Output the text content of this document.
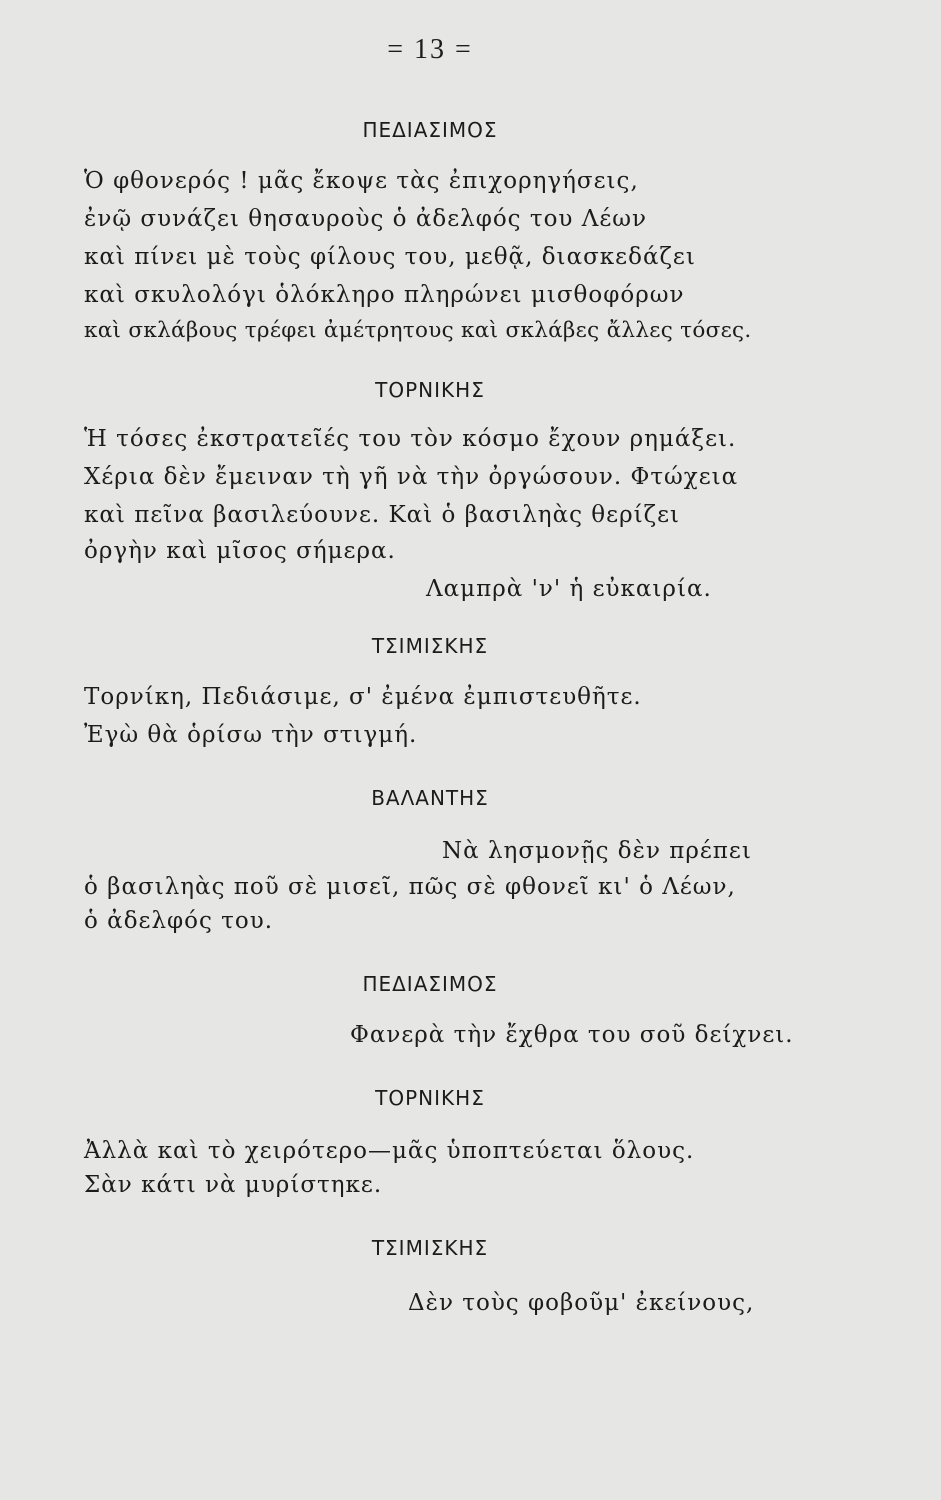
= 13 =
ΠΕΔΙΑΣΙΜΟΣ
Ὁ φθονερός ! μᾶς ἔκοψε τὰς ἐπιχορηγήσεις,
ἐνῷ συνάζει θησαυροὺς ὁ ἀδελφός του Λέων
καὶ πίνει μὲ τοὺς φίλους του, μεθᾷ, διασκεδάζει
καὶ σκυλολόγι ὁλόκληρο πληρώνει μισθοφόρων
καὶ σκλάβους τρέφει ἀμέτρητους καὶ σκλάβες ἄλλες τόσες.
ΤΟΡΝΙΚΗΣ
Ἡ τόσες ἐκστρατεῖές του τὸν κόσμο ἔχουν ρημάξει.
Χέρια δὲν ἔμειναν τὴ γῆ νὰ τὴν ὀργώσουν. Φτώχεια
καὶ πεῖνα βασιλεύουνε. Καὶ ὁ βασιληὰς θερίζει
ὀργὴν καὶ μῖσος σήμερα.
Λαμπρὰ 'ν' ἡ εὐκαιρία.
ΤΣΙΜΙΣΚΗΣ
Τορνίκη, Πεδιάσιμε, σ' ἐμένα ἐμπιστευθῆτε.
Ἐγὼ θὰ ὁρίσω τὴν στιγμή.
ΒΑΛΑΝΤΗΣ
Νὰ λησμονῇς δὲν πρέπει
ὁ βασιληὰς ποῦ σὲ μισεῖ, πῶς σὲ φθονεῖ κι' ὁ Λέων,
ὁ ἀδελφός του.
ΠΕΔΙΑΣΙΜΟΣ
Φανερὰ τὴν ἔχθρα του σοῦ δείχνει.
ΤΟΡΝΙΚΗΣ
Ἀλλὰ καὶ τὸ χειρότερο—μᾶς ὑποπτεύεται ὅλους.
Σὰν κάτι νὰ μυρίστηκε.
ΤΣΙΜΙΣΚΗΣ
Δὲν τοὺς φοβοῦμ' ἐκείνους,
